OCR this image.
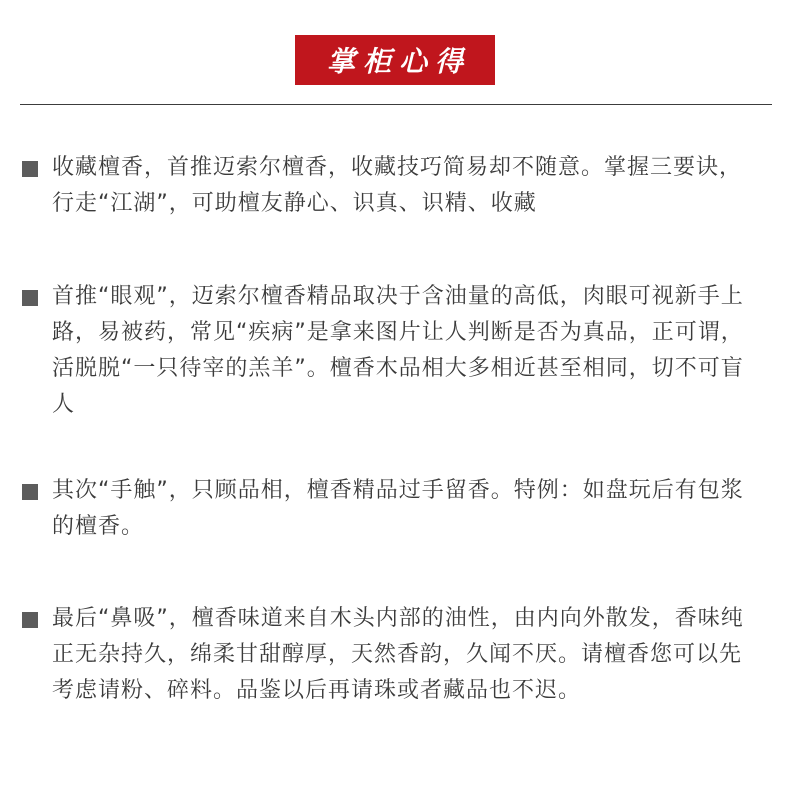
掌柜心得

收藏檀香，首推迈索尔檀香，收藏技巧简易却不随意。掌握三要诀，行走“江湖”，可助檀友静心、识真、识精、收藏

首推“眼观”，迈索尔檀香精品取决于含油量的高低，肉眼可视新手上路，易被药，常见“疾病”是拿来图片让人判断是否为真品，正可谓，活脱脱“一只待宰的羔羊”。檀香木品相大多相近甚至相同，切不可盲人

其次“手触”，只顾品相，檀香精品过手留香。特例：如盘玩后有包浆的檀香。

最后“鼻吸”，檀香味道来自木头内部的油性，由内向外散发，香味纯正无杂持久，绵柔甘甜醇厚，天然香韵，久闻不厌。请檀香您可以先考虑请粉、碎料。品鉴以后再请珠或者藏品也不迟。
